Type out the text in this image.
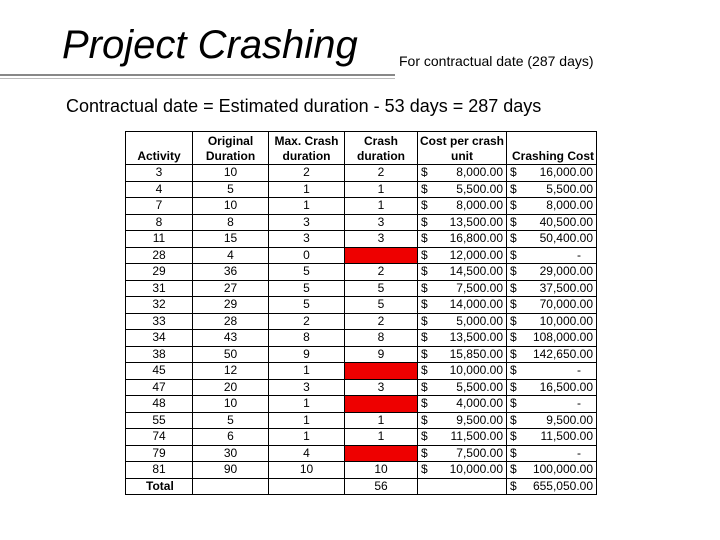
Project Crashing	For contractual date (287 days)
Contractual date = Estimated duration - 53 days = 287 days
Activity	Original Duration	Max. Crash duration	Crash duration	Cost per crash unit	Crashing Cost
3	10	2	2	$ 8,000.00	$ 16,000.00

4	5	1	1	$ 5,500.00	$ 5,500.00

7	10	1	1	$ 8,000.00	$ 8,000.00

8	8	3	3	$ 13,500.00	$ 40,500.00

11	15	3	3	$ 16,800.00	$ 50,400.00

28	4	0		$ 12,000.00	$ -

29	36	5	2	$ 14,500.00	$ 29,000.00

31	27	5	5	$ 7,500.00	$ 37,500.00

32	29	5	5	$ 14,000.00	$ 70,000.00

33	28	2	2	$ 5,000.00	$ 10,000.00

34	43	8	8	$ 13,500.00	$ 108,000.00

38	50	9	9	$ 15,850.00	$ 142,650.00

45	12	1		$ 10,000.00	$ -

47	20	3	3	$ 5,500.00	$ 16,500.00

48	10	1		$ 4,000.00	$ -

55	5	1	1	$ 9,500.00	$ 9,500.00

74	6	1	1	$ 11,500.00	$ 11,500.00

79	30	4		$ 7,500.00	$ -

81	90	10	10	$ 10,000.00	$ 100,000.00

Total			56		$ 655,050.00
